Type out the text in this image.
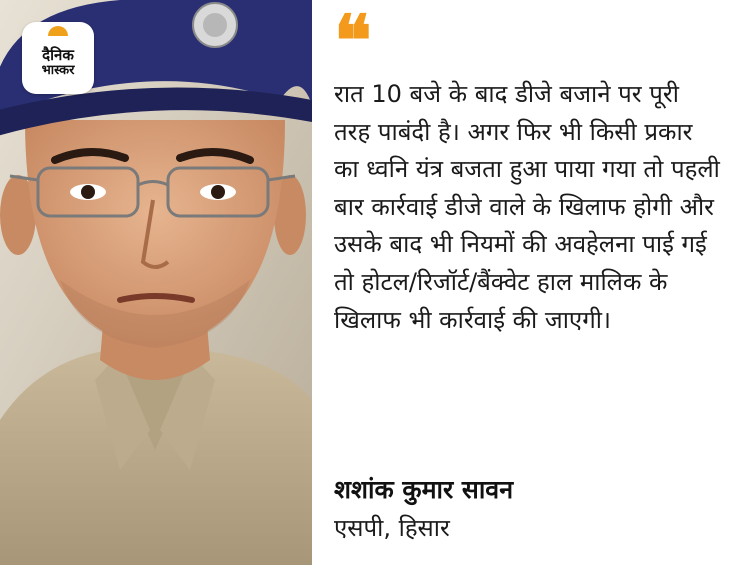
दैनिक
भास्कर	❝

रात 10 बजे के बाद डीजे बजाने पर पूरी तरह पाबंदी है। अगर फिर भी किसी प्रकार का ध्वनि यंत्र बजता हुआ पाया गया तो पहली बार कार्रवाई डीजे वाले के खिलाफ होगी और उसके बाद भी नियमों की अवहेलना पाई गई तो होटल/रिजॉर्ट/बैंक्वेट हाल मालिक के खिलाफ भी कार्रवाई की जाएगी।

शशांक कुमार सावन

एसपी, हिसार
